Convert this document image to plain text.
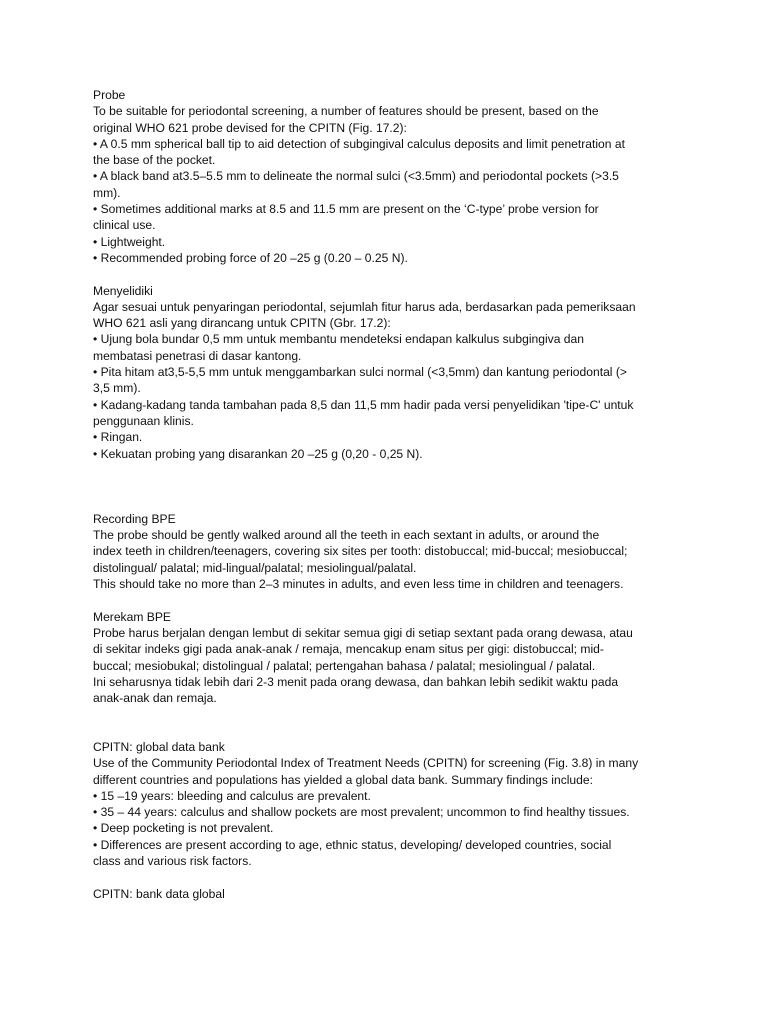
Probe
To be suitable for periodontal screening, a number of features should be present, based on the
original WHO 621 probe devised for the CPITN (Fig. 17.2):
• A 0.5 mm spherical ball tip to aid detection of subgingival calculus deposits and limit penetration at
the base of the pocket.
• A black band at3.5–5.5 mm to delineate the normal sulci (<3.5mm) and periodontal pockets (>3.5
mm).
• Sometimes additional marks at 8.5 and 11.5 mm are present on the ‘C-type’ probe version for
clinical use.
• Lightweight.
• Recommended probing force of 20 –25 g (0.20 – 0.25 N).
Menyelidiki
Agar sesuai untuk penyaringan periodontal, sejumlah fitur harus ada, berdasarkan pada pemeriksaan
WHO 621 asli yang dirancang untuk CPITN (Gbr. 17.2):
• Ujung bola bundar 0,5 mm untuk membantu mendeteksi endapan kalkulus subgingiva dan
membatasi penetrasi di dasar kantong.
• Pita hitam at3,5-5,5 mm untuk menggambarkan sulci normal (<3,5mm) dan kantung periodontal (>
3,5 mm).
• Kadang-kadang tanda tambahan pada 8,5 dan 11,5 mm hadir pada versi penyelidikan 'tipe-C' untuk
penggunaan klinis.
• Ringan.
• Kekuatan probing yang disarankan 20 –25 g (0,20 - 0,25 N).
Recording BPE
The probe should be gently walked around all the teeth in each sextant in adults, or around the
index teeth in children/teenagers, covering six sites per tooth: distobuccal; mid-buccal; mesiobuccal;
distolingual/ palatal; mid-lingual/palatal; mesiolingual/palatal.
This should take no more than 2–3 minutes in adults, and even less time in children and teenagers.
Merekam BPE
Probe harus berjalan dengan lembut di sekitar semua gigi di setiap sextant pada orang dewasa, atau
di sekitar indeks gigi pada anak-anak / remaja, mencakup enam situs per gigi: distobuccal; mid-
buccal; mesiobukal; distolingual / palatal; pertengahan bahasa / palatal; mesiolingual / palatal.
Ini seharusnya tidak lebih dari 2-3 menit pada orang dewasa, dan bahkan lebih sedikit waktu pada
anak-anak dan remaja.
CPITN: global data bank
Use of the Community Periodontal Index of Treatment Needs (CPITN) for screening (Fig. 3.8) in many
different countries and populations has yielded a global data bank. Summary findings include:
• 15 –19 years: bleeding and calculus are prevalent.
• 35 – 44 years: calculus and shallow pockets are most prevalent; uncommon to find healthy tissues.
• Deep pocketing is not prevalent.
• Differences are present according to age, ethnic status, developing/ developed countries, social
class and various risk factors.
CPITN: bank data global
